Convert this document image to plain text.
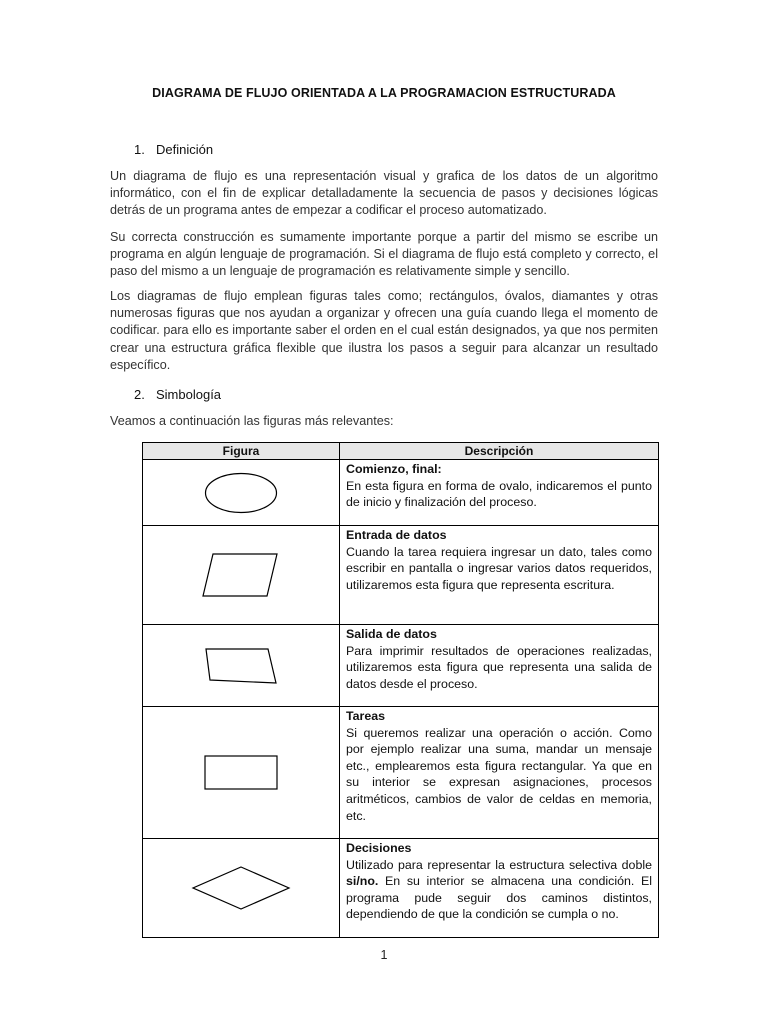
DIAGRAMA DE FLUJO ORIENTADA A LA PROGRAMACION ESTRUCTURADA
1. Definición

Un diagrama de flujo es una representación visual y grafica de los datos de un algoritmo informático, con el fin de explicar detalladamente la secuencia de pasos y decisiones lógicas detrás de un programa antes de empezar a codificar el proceso automatizado.

Su correcta construcción es sumamente importante porque a partir del mismo se escribe un programa en algún lenguaje de programación. Si el diagrama de flujo está completo y correcto, el paso del mismo a un lenguaje de programación es relativamente simple y sencillo.

Los diagramas de flujo emplean figuras tales como; rectángulos, óvalos, diamantes y otras numerosas figuras que nos ayudan a organizar y ofrecen una guía cuando llega el momento de codificar. para ello es importante saber el orden en el cual están designados, ya que nos permiten crear una estructura gráfica flexible que ilustra los pasos a seguir para alcanzar un resultado específico.

2. Simbología
Veamos a continuación las figuras más relevantes:
Figura	Descripción

Comienzo, final:
En esta figura en forma de ovalo, indicaremos el punto de inicio y finalización del proceso.

Entrada de datos
Cuando la tarea requiera ingresar un dato, tales como escribir en pantalla o ingresar varios datos requeridos, utilizaremos esta figura que representa escritura.

Salida de datos
Para imprimir resultados de operaciones realizadas, utilizaremos esta figura que representa una salida de datos desde el proceso.

Tareas
Si queremos realizar una operación o acción. Como por ejemplo realizar una suma, mandar un mensaje etc., emplearemos esta figura rectangular. Ya que en su interior se expresan asignaciones, procesos aritméticos, cambios de valor de celdas en memoria, etc.

Decisiones
Utilizado para representar la estructura selectiva doble si/no. En su interior se almacena una condición. El programa pude seguir dos caminos distintos, dependiendo de que la condición se cumpla o no.
1
